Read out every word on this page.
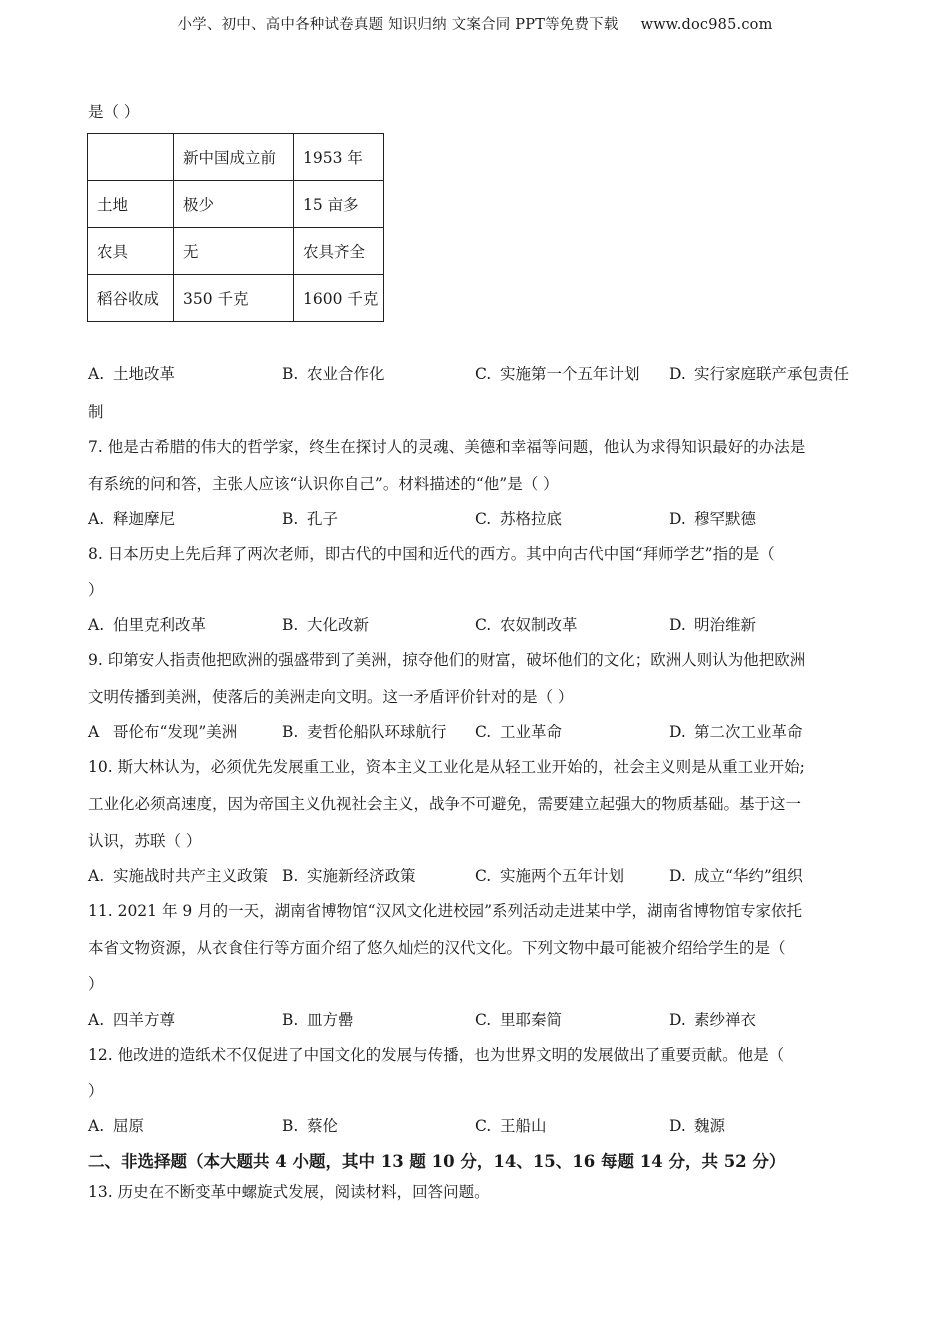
小学、初中、高中各种试卷真题 知识归纳 文案合同 PPT等免费下载 www.doc985.com
是（ ）
	新中国成立前	1953 年
土地	极少	15 亩多
农具	无	农具齐全
稻谷收成	350 千克	1600 千克
A. 土地改革	B. 农业合作化	C. 实施第一个五年计划 D. 实行家庭联产承包责任
制
7. 他是古希腊的伟大的哲学家，终生在探讨人的灵魂、美德和幸福等问题，他认为求得知识最好的办法是
有系统的问和答，主张人应该“认识你自己”。材料描述的“他”是（ ）
A. 释迦摩尼	B. 孔子	C. 苏格拉底	D. 穆罕默德
8. 日本历史上先后拜了两次老师，即古代的中国和近代的西方。其中向古代中国“拜师学艺”指的是（
）
A. 伯里克利改革	B. 大化改新	C. 农奴制改革	D. 明治维新
9. 印第安人指责他把欧洲的强盛带到了美洲，掠夺他们的财富，破坏他们的文化；欧洲人则认为他把欧洲
文明传播到美洲，使落后的美洲走向文明。这一矛盾评价针对的是（ ）
A 哥伦布“发现”美洲	B. 麦哲伦船队环球航行 C. 工业革命	D. 第二次工业革命
10. 斯大林认为，必须优先发展重工业，资本主义工业化是从轻工业开始的，社会主义则是从重工业开始;
工业化必须高速度，因为帝国主义仇视社会主义，战争不可避免，需要建立起强大的物质基础。基于这一
认识，苏联（ ）
A. 实施战时共产主义政策 B. 实施新经济政策	C. 实施两个五年计划	D. 成立“华约”组织
11. 2021 年 9 月的一天，湖南省博物馆“汉风文化进校园”系列活动走进某中学，湖南省博物馆专家依托
本省文物资源，从衣食住行等方面介绍了悠久灿烂的汉代文化。下列文物中最可能被介绍给学生的是（
）
A. 四羊方尊	B. 皿方罍	C. 里耶秦简	D. 素纱禅衣
12. 他改进的造纸术不仅促进了中国文化的发展与传播，也为世界文明的发展做出了重要贡献。他是（
）
A. 屈原	B. 蔡伦	C. 王船山	D. 魏源
二、非选择题（本大题共 4 小题，其中 13 题 10 分，14、15、16 每题 14 分，共 52 分）
13. 历史在不断变革中螺旋式发展，阅读材料，回答问题。
